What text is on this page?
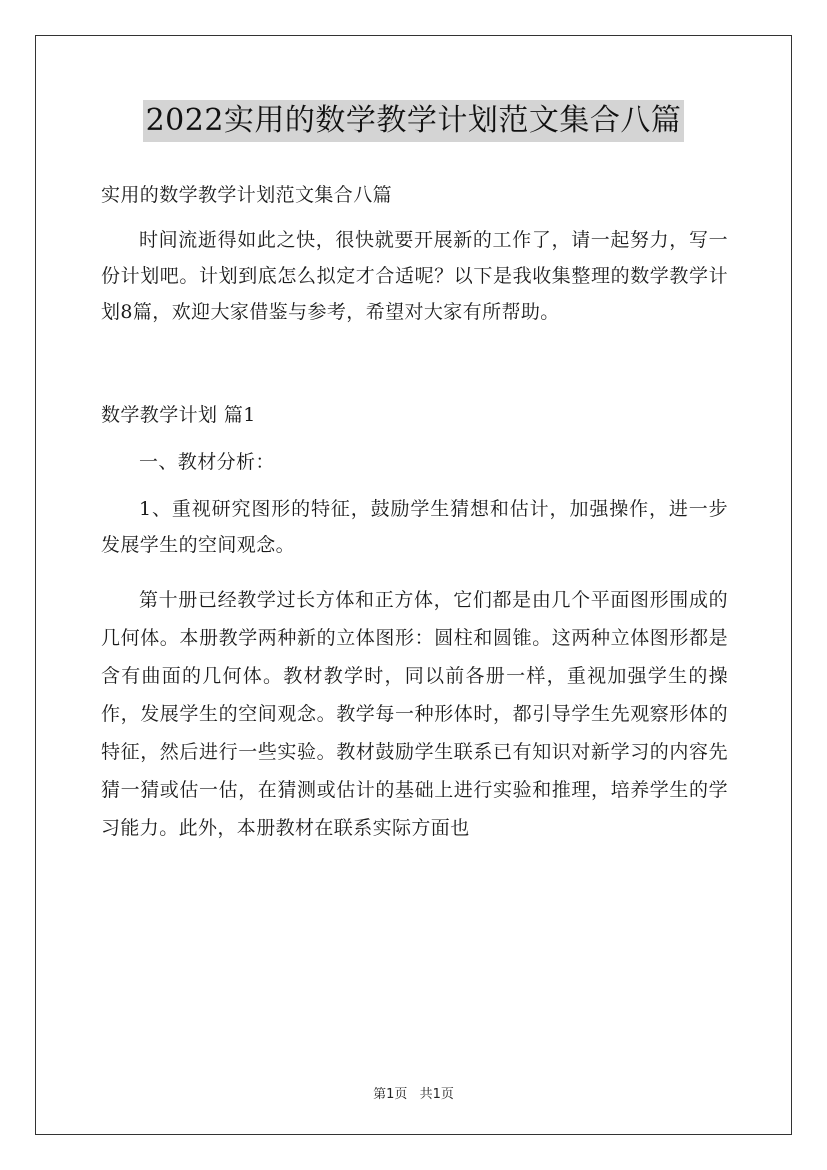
2022实用的数学教学计划范文集合八篇

实用的数学教学计划范文集合八篇

时间流逝得如此之快，很快就要开展新的工作了，请一起努力，写一份计划吧。计划到底怎么拟定才合适呢？以下是我收集整理的数学教学计划8篇，欢迎大家借鉴与参考，希望对大家有所帮助。

数学教学计划 篇1

一、教材分析：

1、重视研究图形的特征，鼓励学生猜想和估计，加强操作，进一步发展学生的空间观念。

第十册已经教学过长方体和正方体，它们都是由几个平面图形围成的几何体。本册教学两种新的立体图形：圆柱和圆锥。这两种立体图形都是含有曲面的几何体。教材教学时，同以前各册一样，重视加强学生的操作，发展学生的空间观念。教学每一种形体时，都引导学生先观察形体的特征，然后进行一些实验。教材鼓励学生联系已有知识对新学习的内容先猜一猜或估一估，在猜测或估计的基础上进行实验和推理，培养学生的学习能力。此外，本册教材在联系实际方面也

第1页 共1页
